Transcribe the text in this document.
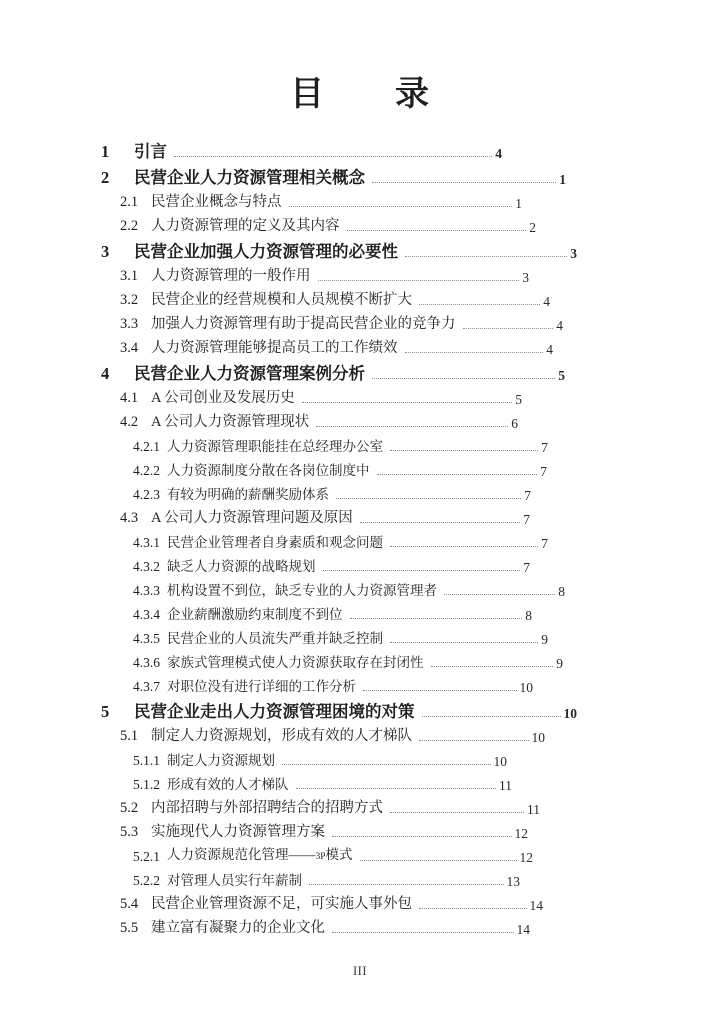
目　　录
1	引言	4
2	民营企业人力资源管理相关概念	1
2.1 民营企业概念与特点	1
2.2 人力资源管理的定义及其内容	2
3	民营企业加强人力资源管理的必要性	3
3.1 人力资源管理的一般作用	3
3.2 民营企业的经营规模和人员规模不断扩大	4
3.3 加强人力资源管理有助于提高民营企业的竞争力	4
3.4 人力资源管理能够提高员工的工作绩效	4
4	民营企业人力资源管理案例分析	5
4.1 A 公司创业及发展历史	5
4.2 A 公司人力资源管理现状	6
4.2.1 人力资源管理职能挂在总经理办公室	7
4.2.2 人力资源制度分散在各岗位制度中	7
4.2.3 有较为明确的薪酬奖励体系	7
4.3 A 公司人力资源管理问题及原因	7
4.3.1 民营企业管理者自身素质和观念问题	7
4.3.2 缺乏人力资源的战略规划	7
4.3.3 机构设置不到位，缺乏专业的人力资源管理者	8
4.3.4 企业薪酬激励约束制度不到位	8
4.3.5 民营企业的人员流失严重并缺乏控制	9
4.3.6 家族式管理模式使人力资源获取存在封闭性	9
4.3.7 对职位没有进行详细的工作分析	10
5	民营企业走出人力资源管理困境的对策	10
5.1 制定人力资源规划，形成有效的人才梯队	10
5.1.1 制定人力资源规划	10
5.1.2 形成有效的人才梯队	11
5.2 内部招聘与外部招聘结合的招聘方式	11
5.3 实施现代人力资源管理方案	12
5.2.1 人力资源规范化管理——3P模式	12
5.2.2 对管理人员实行年薪制	13
5.4 民营企业管理资源不足，可实施人事外包	14
5.5 建立富有凝聚力的企业文化	14
III
